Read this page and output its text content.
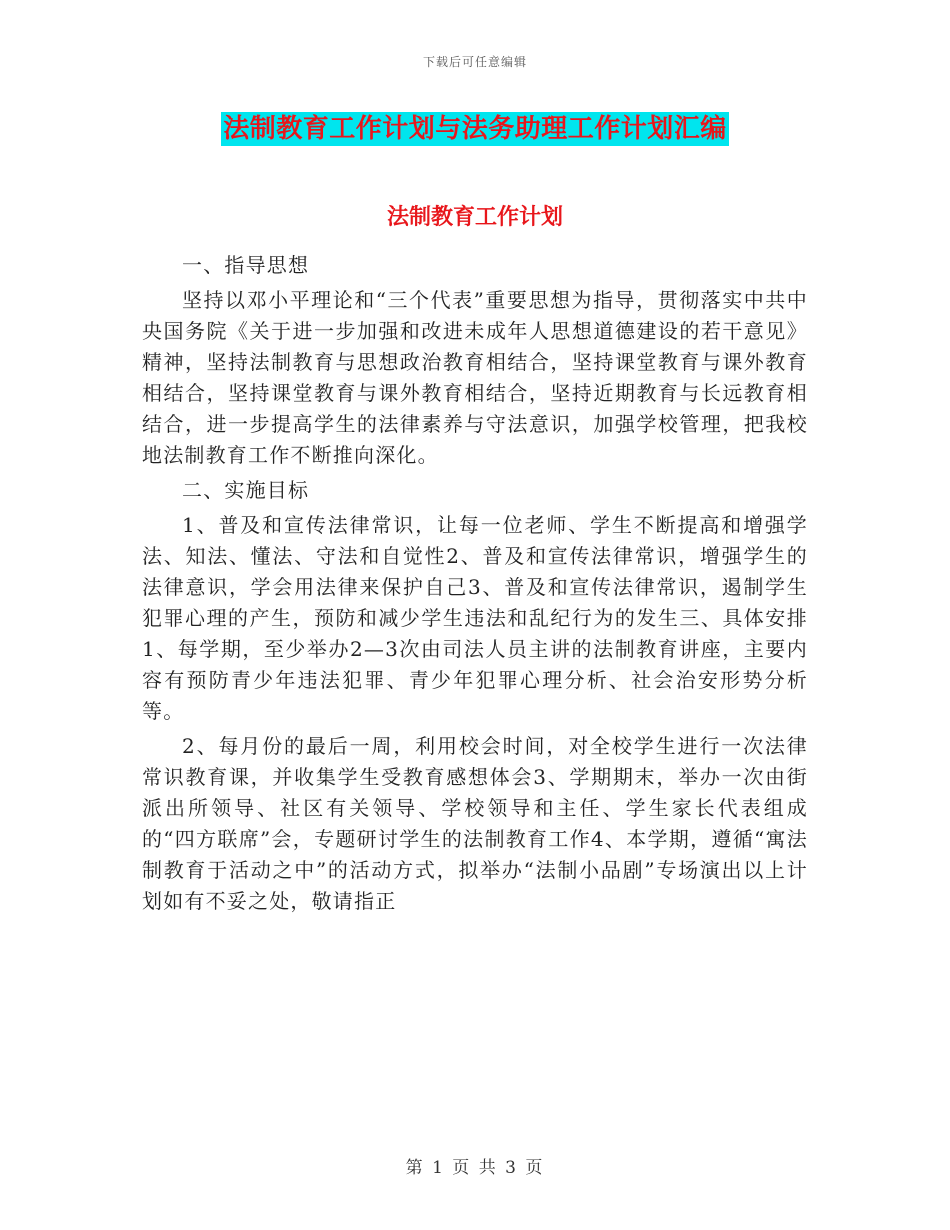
下载后可任意编辑
法制教育工作计划与法务助理工作计划汇编
法制教育工作计划

一、指导思想

坚持以邓小平理论和“三个代表”重要思想为指导，贯彻落实中共中央国务院《关于进一步加强和改进未成年人思想道德建设的若干意见》精神，坚持法制教育与思想政治教育相结合，坚持课堂教育与课外教育相结合，坚持课堂教育与课外教育相结合，坚持近期教育与长远教育相结合，进一步提高学生的法律素养与守法意识，加强学校管理，把我校地法制教育工作不断推向深化。

二、实施目标

1、普及和宣传法律常识，让每一位老师、学生不断提高和增强学法、知法、懂法、守法和自觉性2、普及和宣传法律常识，增强学生的法律意识，学会用法律来保护自己3、普及和宣传法律常识，遏制学生犯罪心理的产生，预防和减少学生违法和乱纪行为的发生三、具体安排1、每学期，至少举办2—3次由司法人员主讲的法制教育讲座，主要内容有预防青少年违法犯罪、青少年犯罪心理分析、社会治安形势分析等。

2、每月份的最后一周，利用校会时间，对全校学生进行一次法律常识教育课，并收集学生受教育感想体会3、学期期末，举办一次由街派出所领导、社区有关领导、学校领导和主任、学生家长代表组成的“四方联席”会，专题研讨学生的法制教育工作4、本学期，遵循“寓法制教育于活动之中”的活动方式，拟举办“法制小品剧”专场演出以上计划如有不妥之处，敬请指正

第 1 页 共 3 页
